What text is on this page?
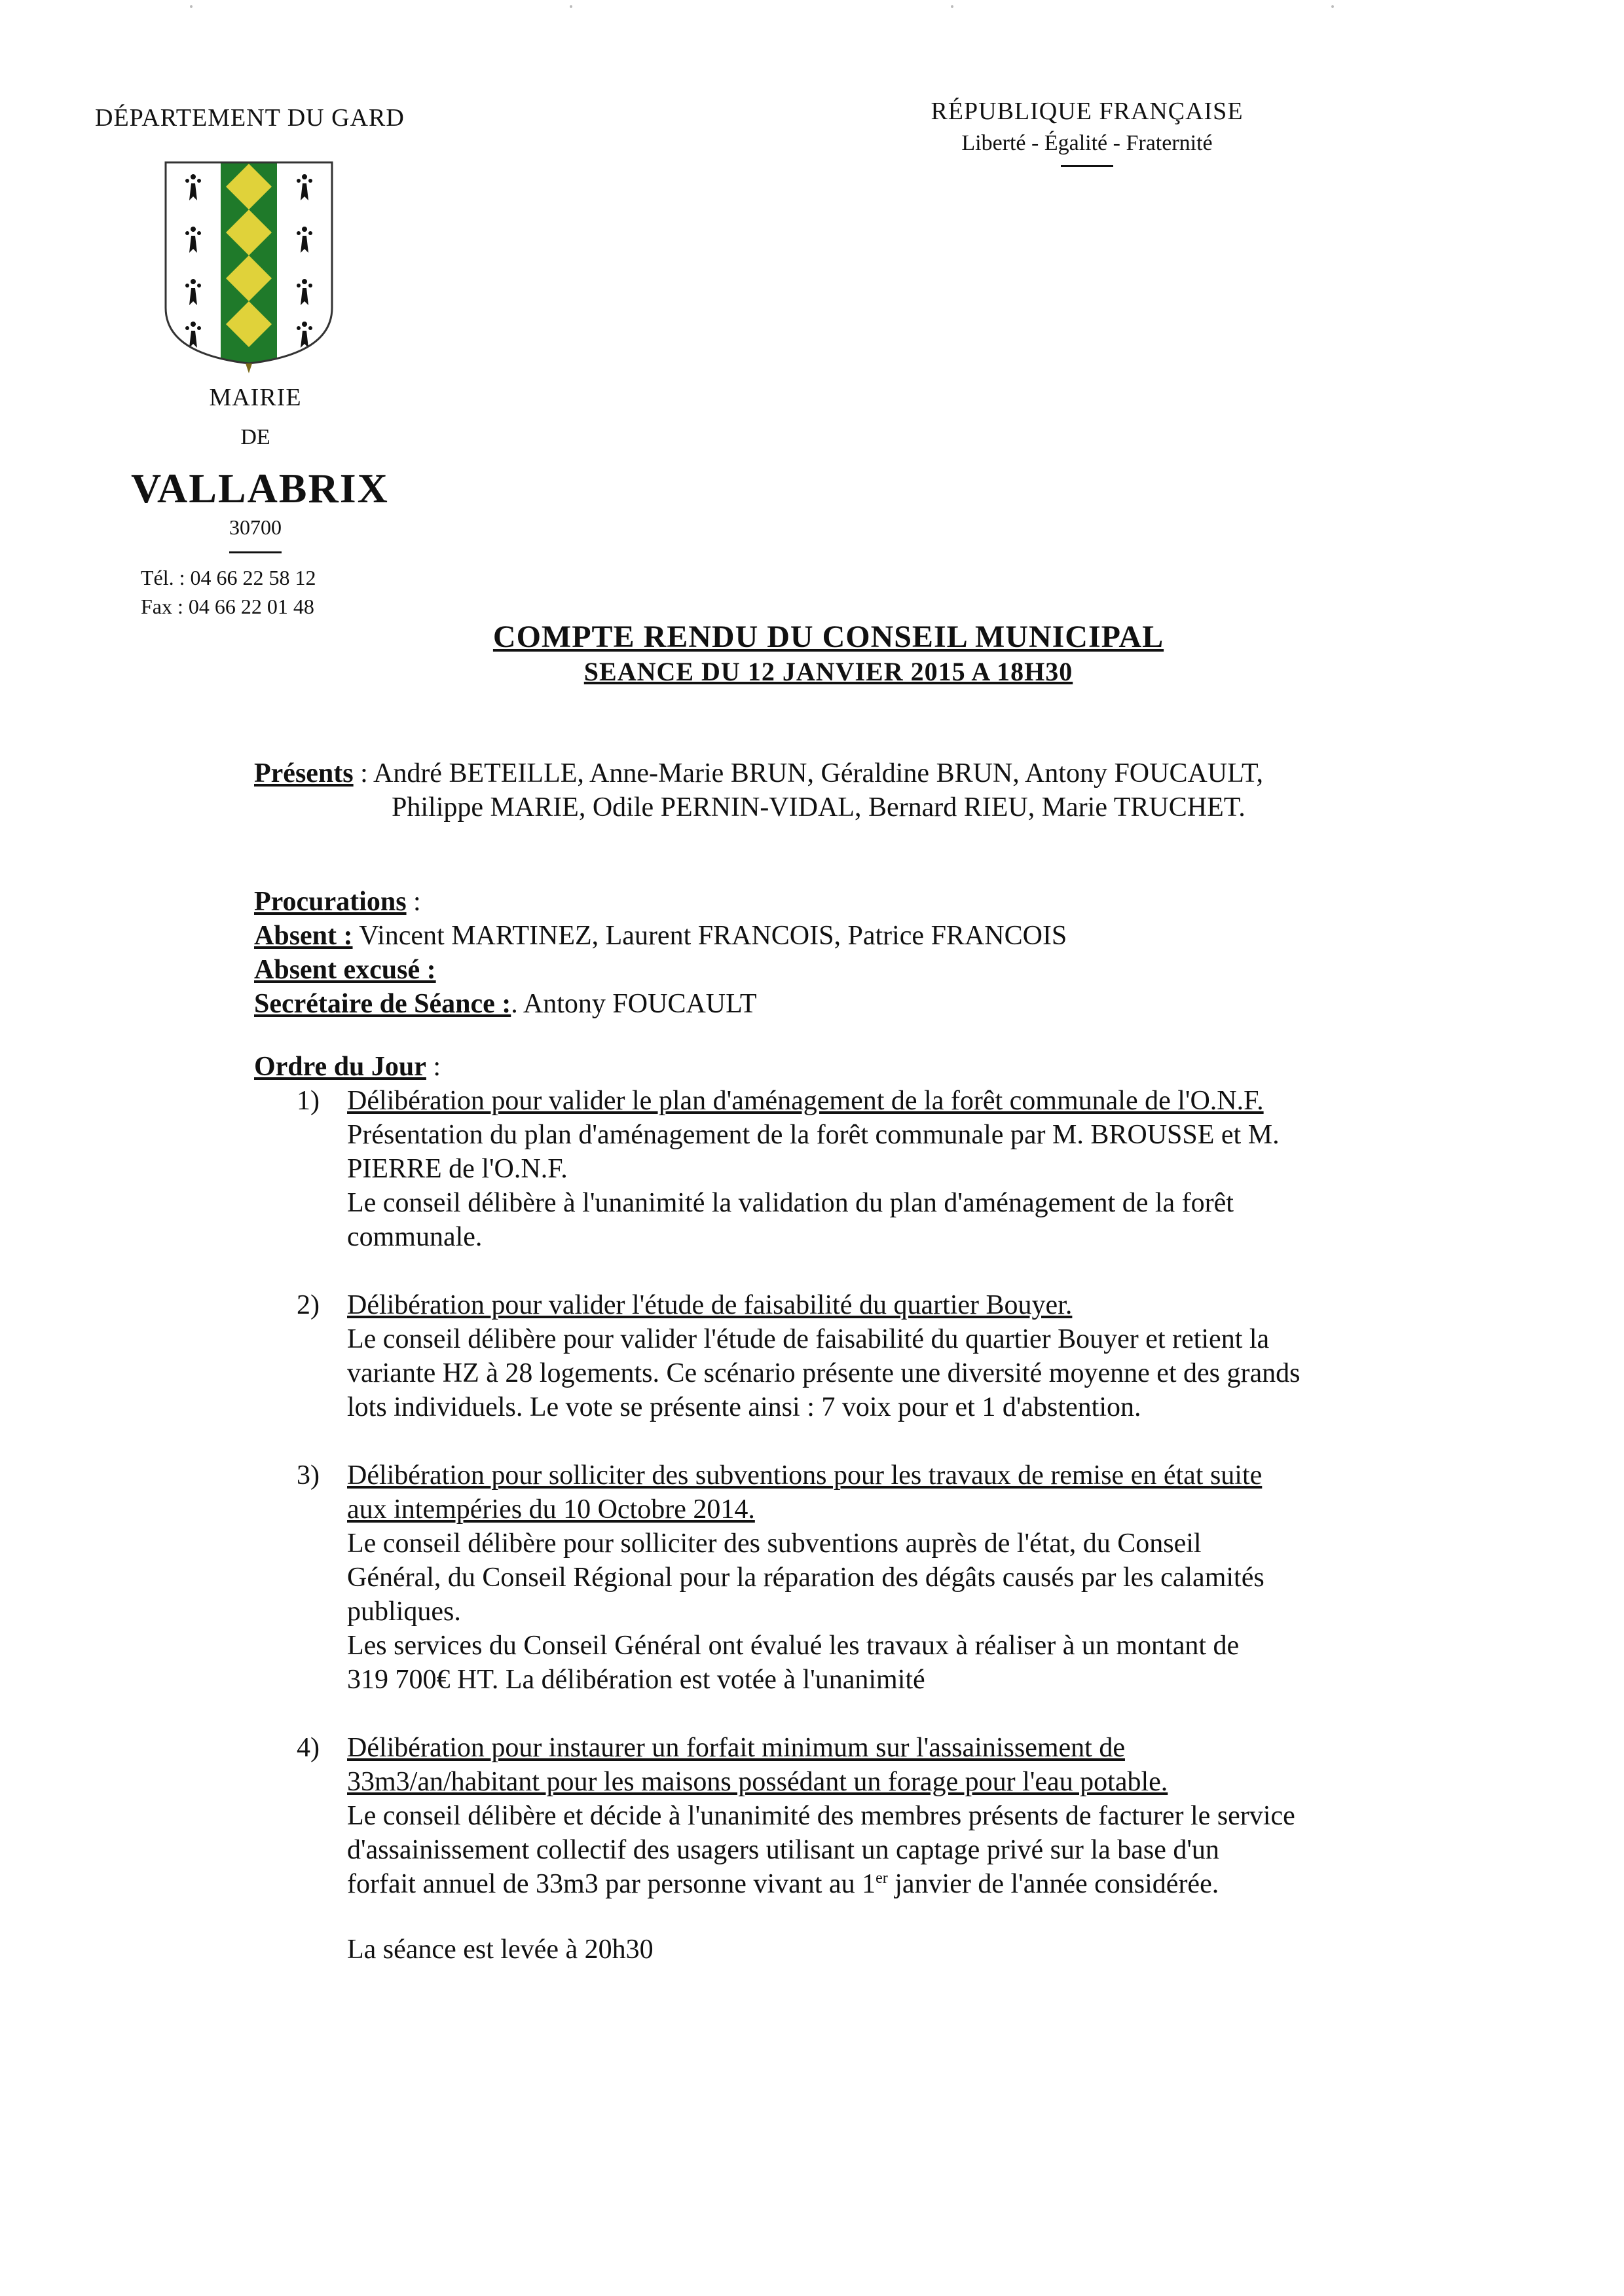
DÉPARTEMENT DU GARD	RÉPUBLIQUE FRANÇAISE
Liberté - Égalité - Fraternité
MAIRIE
DE
VALLABRIX
30700
Tél. : 04 66 22 58 12
Fax : 04 66 22 01 48
COMPTE RENDU DU CONSEIL MUNICIPAL
SEANCE DU 12 JANVIER 2015 A 18H30
Présents : André BETEILLE, Anne-Marie BRUN, Géraldine BRUN, Antony FOUCAULT,
Philippe MARIE, Odile PERNIN-VIDAL, Bernard RIEU, Marie TRUCHET.
Procurations :
Absent : Vincent MARTINEZ, Laurent FRANCOIS, Patrice FRANCOIS
Absent excusé :
Secrétaire de Séance :. Antony FOUCAULT
Ordre du Jour :
1)	Délibération pour valider le plan d'aménagement de la forêt communale de l'O.N.F.
Présentation du plan d'aménagement de la forêt communale par M. BROUSSE et M.
PIERRE de l'O.N.F.
Le conseil délibère à l'unanimité la validation du plan d'aménagement de la forêt
communale.
2)	Délibération pour valider l'étude de faisabilité du quartier Bouyer.
Le conseil délibère pour valider l'étude de faisabilité du quartier Bouyer et retient la
variante HZ à 28 logements. Ce scénario présente une diversité moyenne et des grands
lots individuels. Le vote se présente ainsi : 7 voix pour et 1 d'abstention.
3)	Délibération pour solliciter des subventions pour les travaux de remise en état suite
aux intempéries du 10 Octobre 2014.
Le conseil délibère pour solliciter des subventions auprès de l'état, du Conseil
Général, du Conseil Régional pour la réparation des dégâts causés par les calamités
publiques.
Les services du Conseil Général ont évalué les travaux à réaliser à un montant de
319 700€ HT. La délibération est votée à l'unanimité
4)	Délibération pour instaurer un forfait minimum sur l'assainissement de
33m3/an/habitant pour les maisons possédant un forage pour l'eau potable.
Le conseil délibère et décide à l'unanimité des membres présents de facturer le service
d'assainissement collectif des usagers utilisant un captage privé sur la base d'un
forfait annuel de 33m3 par personne vivant au 1er janvier de l'année considérée.
La séance est levée à 20h30
